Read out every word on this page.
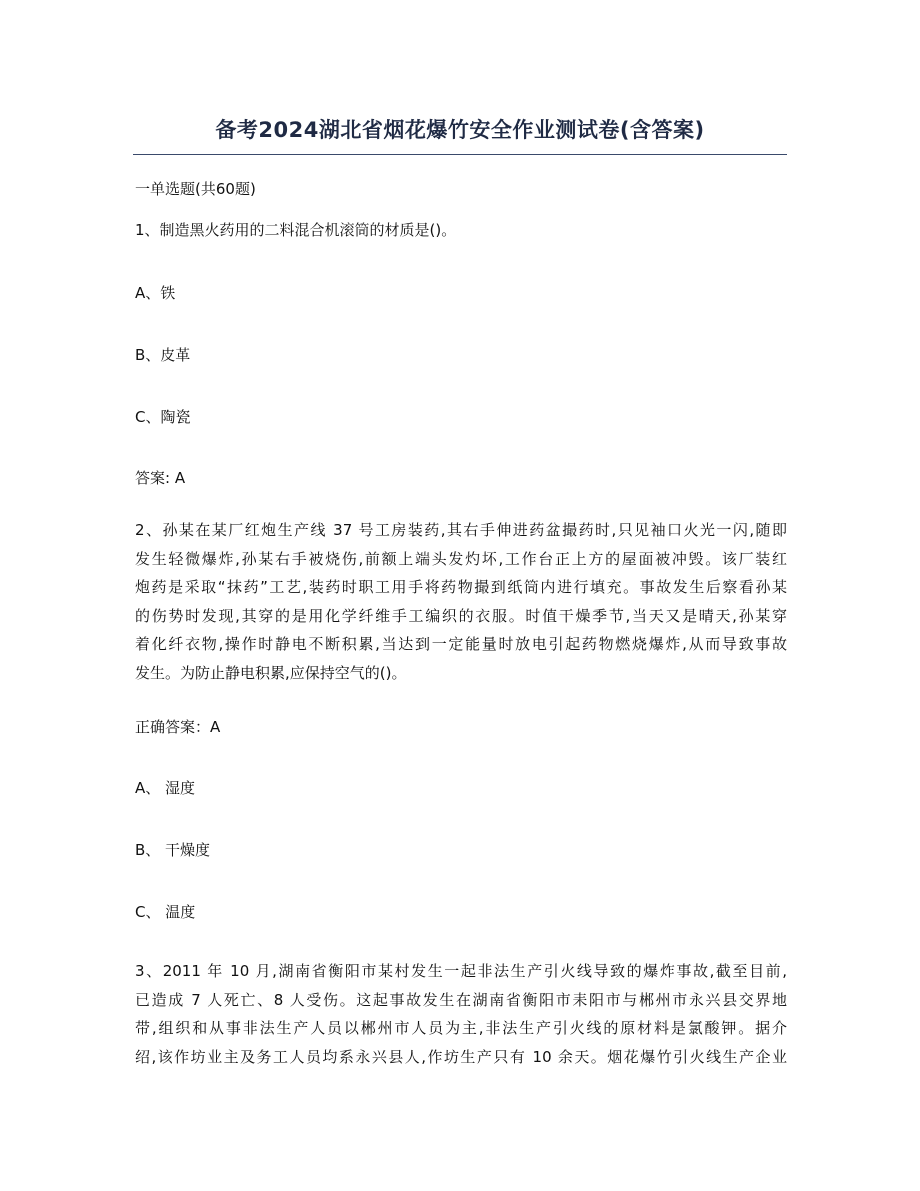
备考2024湖北省烟花爆竹安全作业测试卷(含答案)
一单选题(共60题)
1、制造黑火药用的二料混合机滚筒的材质是()。
A、铁
B、皮革
C、陶瓷
答案: A
2、孙某在某厂红炮生产线 37 号工房装药,其右手伸进药盆撮药时,只见袖口火光一闪,随即
发生轻微爆炸,孙某右手被烧伤,前额上端头发灼坏,工作台正上方的屋面被冲毁。该厂装红
炮药是采取“抹药”工艺,装药时职工用手将药物撮到纸筒内进行填充。事故发生后察看孙某
的伤势时发现,其穿的是用化学纤维手工编织的衣服。时值干燥季节,当天又是晴天,孙某穿
着化纤衣物,操作时静电不断积累,当达到一定能量时放电引起药物燃烧爆炸,从而导致事故
发生。为防止静电积累,应保持空气的()。
正确答案：A
A、 湿度
B、 干燥度
C、 温度
3、2011 年 10 月,湖南省衡阳市某村发生一起非法生产引火线导致的爆炸事故,截至目前,
已造成 7 人死亡、8 人受伤。这起事故发生在湖南省衡阳市耒阳市与郴州市永兴县交界地
带,组织和从事非法生产人员以郴州市人员为主,非法生产引火线的原材料是氯酸钾。据介
绍,该作坊业主及务工人员均系永兴县人,作坊生产只有 10 余天。烟花爆竹引火线生产企业
